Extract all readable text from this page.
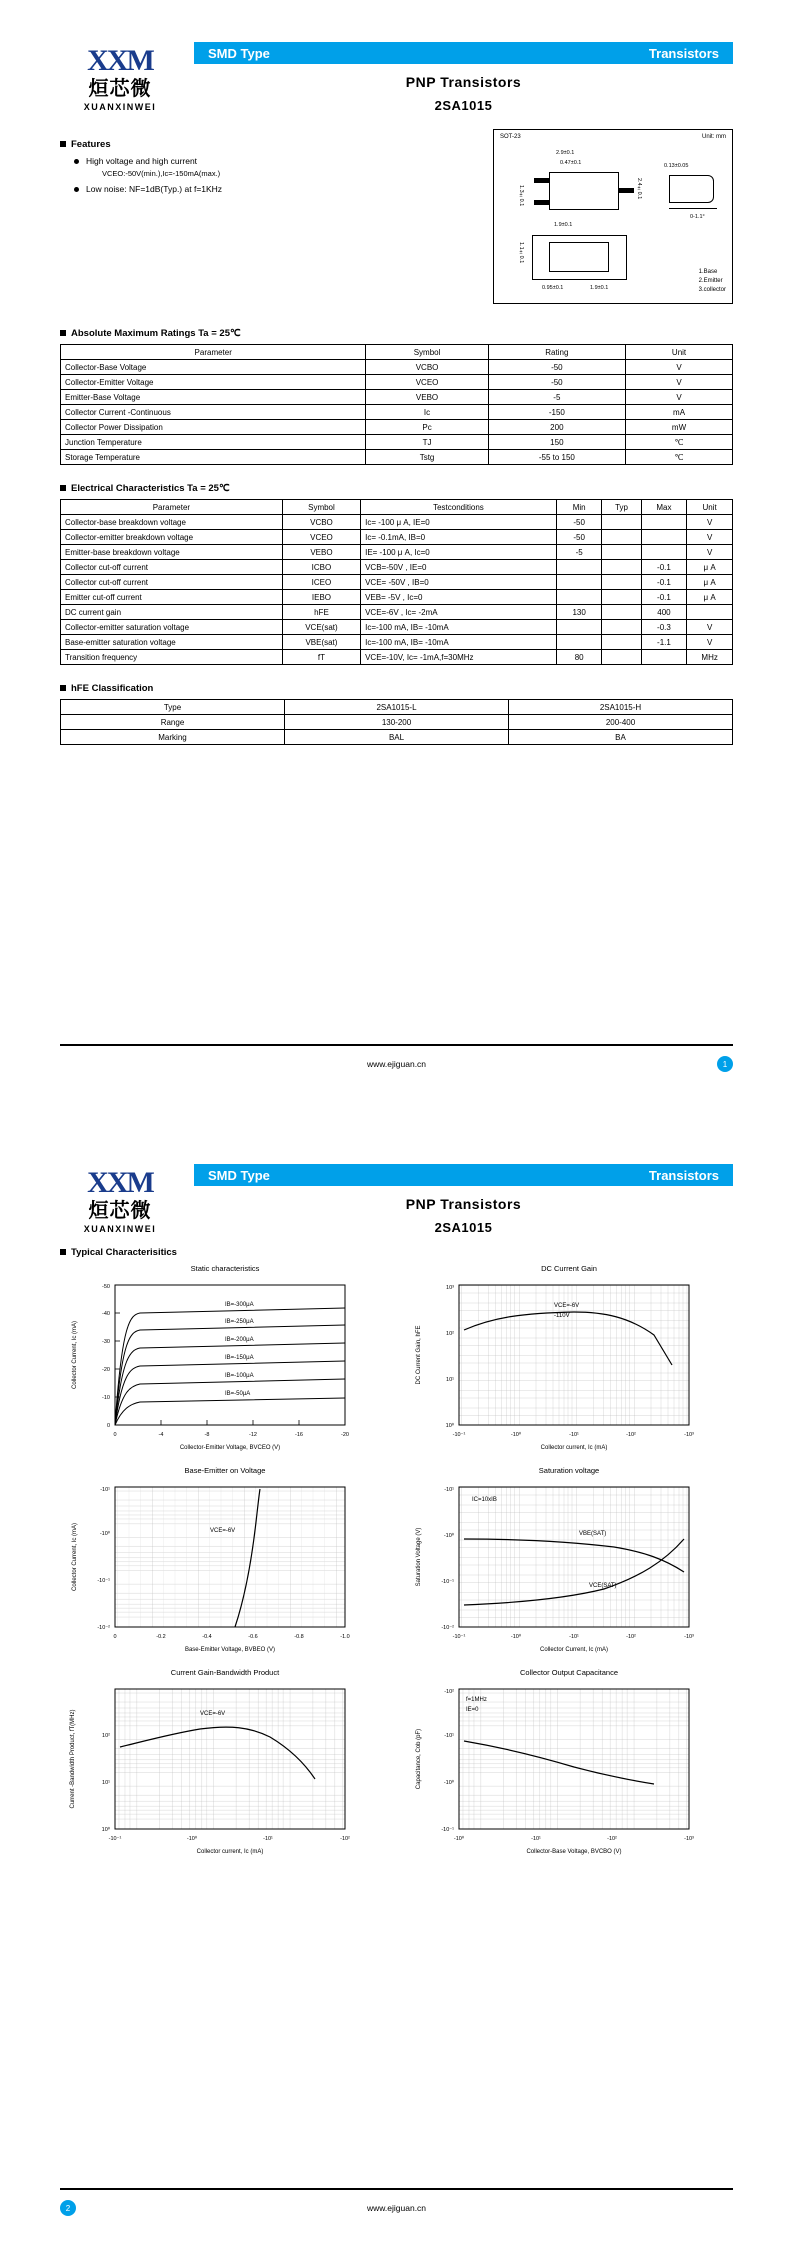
XXM
烜芯微
XUANXINWEI
SMD Type	Transistors
PNP Transistors
2SA1015
Features
High voltage and high current
VCEO:-50V(min.),Ic=-150mA(max.)
Low noise: NF=1dB(Typ.) at f=1KHz
SOT-23	Unit: mm
2.9±0.1
0.47±0.1
1.3±0.1	2.4±0.1
0-1.1°
0.13±0.05
1.9±0.1
0.95±0.1	1.9±0.1
1.1±0.1
1.Base
2.Emitter
3.collector
Absolute Maximum Ratings Ta = 25℃
Parameter	Symbol	Rating	Unit
Collector-Base Voltage	VCBO	-50	V
Collector-Emitter Voltage	VCEO	-50	V
Emitter-Base Voltage	VEBO	-5	V
Collector Current -Continuous	Ic	-150	mA
Collector Power Dissipation	Pc	200	mW
Junction Temperature	TJ	150	℃
Storage Temperature	Tstg	-55 to 150	℃
Electrical Characteristics Ta = 25℃
Parameter	Symbol	Testconditions	Min	Typ	Max	Unit
Collector-base breakdown voltage	VCBO	Ic= -100 μ A, IE=0	-50			V
Collector-emitter breakdown voltage	VCEO	Ic= -0.1mA, IB=0	-50			V
Emitter-base breakdown voltage	VEBO	IE= -100 μ A, Ic=0	-5			V
Collector cut-off current	ICBO	VCB=-50V , IE=0			-0.1	μ A
Collector cut-off current	ICEO	VCE= -50V , IB=0			-0.1	μ A
Emitter cut-off current	IEBO	VEB= -5V , Ic=0			-0.1	μ A
DC current gain	hFE	VCE=-6V , Ic= -2mA	130		400	
Collector-emitter saturation voltage	VCE(sat)	Ic=-100 mA, IB= -10mA			-0.3	V
Base-emitter saturation voltage	VBE(sat)	Ic=-100 mA, IB= -10mA			-1.1	V
Transition frequency	fT	VCE=-10V, Ic= -1mA,f=30MHz	80			MHz
hFE Classification
Type	2SA1015-L	2SA1015-H
Range	130-200	200-400
Marking	BAL	BA
www.ejiguan.cn	1
XXM
烜芯微
XUANXINWEI
SMD Type	Transistors
PNP Transistors
2SA1015
Typical Characterisitics
Static characteristics
0
-10
-20
-30
-40
-50
0	-4	-8	-12	-16	-20
IB=-300μA
IB=-250μA
IB=-200μA
IB=-150μA
IB=-100μA
IB=-50μA
Collector-Emitter Voltage, BVCEO (V)
Collector Current, Ic (mA)
DC Current Gain
VCE=-6V
-110V
10⁰
10¹
10²
10³
-10⁻¹	-10⁰	-10¹	-10²	-10³
Collector current, Ic (mA)
DC Current Gain, hFE
Base-Emitter on Voltage
VCE=-6V
-10⁻²
-10⁻¹
-10⁰
-10¹
0	-0.2	-0.4	-0.6	-0.8	-1.0
Base-Emitter Voltage, BVBEO (V)
Collector Current, Ic (mA)
Saturation voltage
IC=10xIB
VBE(SAT)
VCE(SAT)
-10⁻²
-10⁻¹
-10⁰
-10¹
-10⁻¹	-10⁰	-10¹	-10²	-10³
Collector Current, Ic (mA)
Saturation Voltage (V)
Current Gain-Bandwidth Product
VCE=-6V
10⁰
10¹
10²
-10⁻¹	-10⁰	-10¹	-10²
Collector current, Ic (mA)
Current -Bandwidth Product, fT(MHz)
Collector Output Capacitance
f=1MHz
IE=0
-10⁻¹
-10⁰
-10¹
-10²
-10⁰	-10¹	-10²	-10³
Collector-Base Voltage, BVCBO (V)
Capacitance, Cob (pF)
www.ejiguan.cn
2
